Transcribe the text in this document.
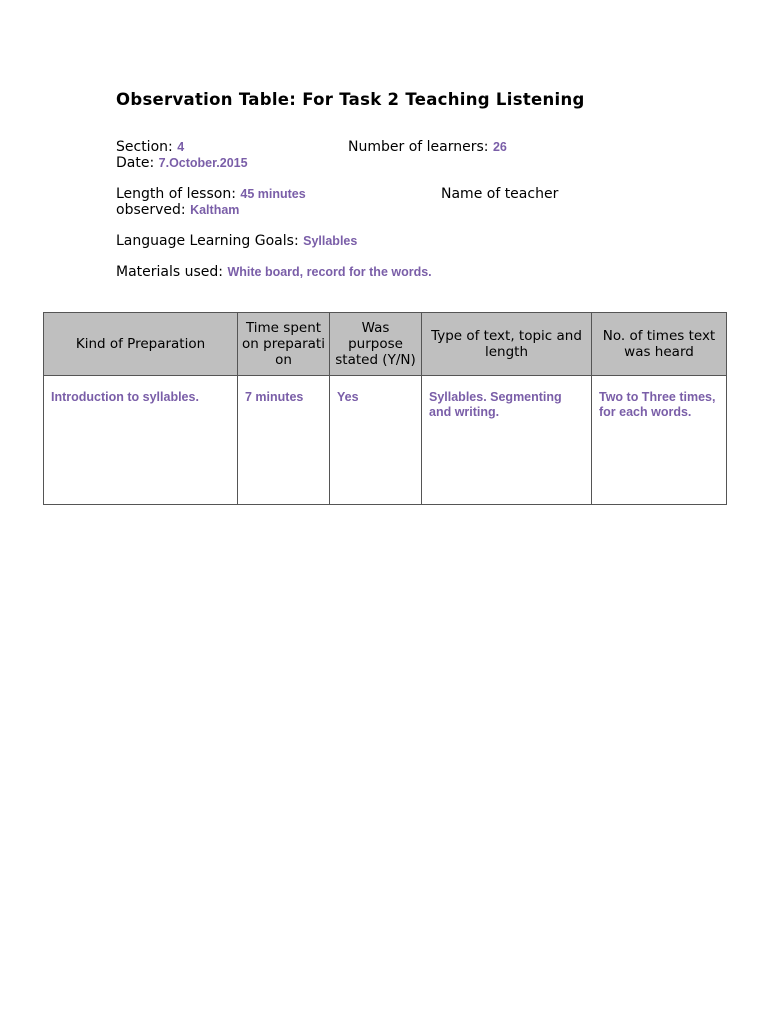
Observation Table: For Task 2 Teaching Listening
Section: 4	Number of learners: 26
Date: 7.October.2015
Length of lesson: 45 minutes	Name of teacher
observed: Kaltham
Language Learning Goals: Syllables
Materials used: White board, record for the words.
Kind of Preparation	Time spent on preparati on	Was purpose stated (Y/N)	Type of text, topic and length	No. of times text was heard
Introduction to syllables.	7 minutes	Yes	Syllables. Segmenting and writing.	Two to Three times, for each words.
